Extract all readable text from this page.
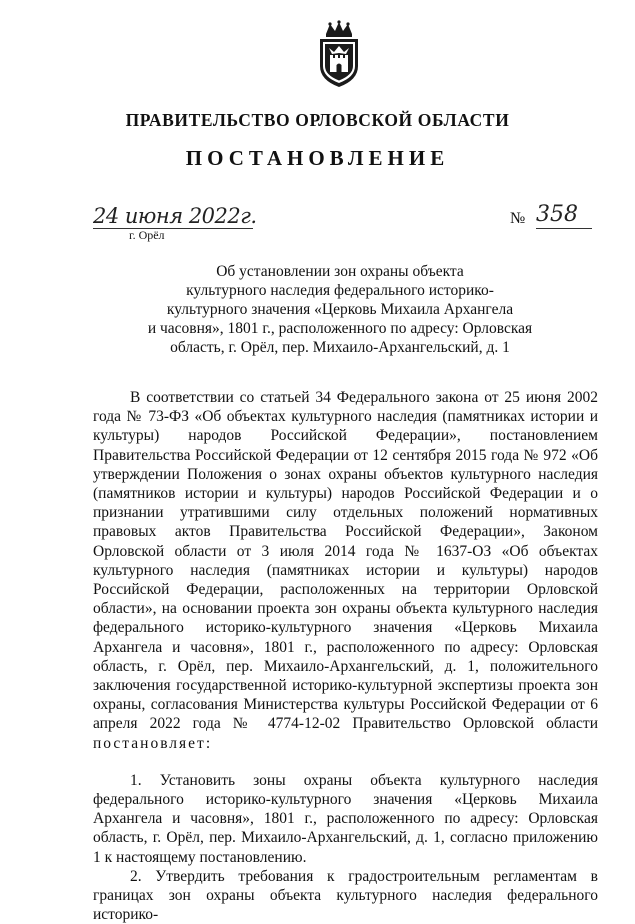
ПРАВИТЕЛЬСТВО ОРЛОВСКОЙ ОБЛАСТИ
ПОСТАНОВЛЕНИЕ
24 июня 2022г.
г. Орёл
№ 358
Об установлении зон охраны объекта
культурного наследия федерального историко-
культурного значения «Церковь Михаила Архангела
и часовня», 1801 г., расположенного по адресу: Орловская
область, г. Орёл, пер. Михаило-Архангельский, д. 1

В соответствии со статьей 34 Федерального закона от 25 июня 2002 года № 73-ФЗ «Об объектах культурного наследия (памятниках истории и культуры) народов Российской Федерации», постановлением Правительства Российской Федерации от 12 сентября 2015 года № 972 «Об утверждении Положения о зонах охраны объектов культурного наследия (памятников истории и культуры) народов Российской Федерации и о признании утратившими силу отдельных положений нормативных правовых актов Правительства Российской Федерации», Законом Орловской области от 3 июля 2014 года № 1637-ОЗ «Об объектах культурного наследия (памятниках истории и культуры) народов Российской Федерации, расположенных на территории Орловской области», на основании проекта зон охраны объекта культурного наследия федерального историко-культурного значения «Церковь Михаила Архангела и часовня», 1801 г., расположенного по адресу: Орловская область, г. Орёл, пер. Михаило-Архангельский, д. 1, положительного заключения государственной историко-культурной экспертизы проекта зон охраны, согласования Министерства культуры Российской Федерации от 6 апреля 2022 года № 4774-12-02 Правительство Орловской области постановляет:

1. Установить зоны охраны объекта культурного наследия федерального историко-культурного значения «Церковь Михаила Архангела и часовня», 1801 г., расположенного по адресу: Орловская область, г. Орёл, пер. Михаило-Архангельский, д. 1, согласно приложению 1 к настоящему постановлению.

2. Утвердить требования к градостроительным регламентам в границах зон охраны объекта культурного наследия федерального историко-
